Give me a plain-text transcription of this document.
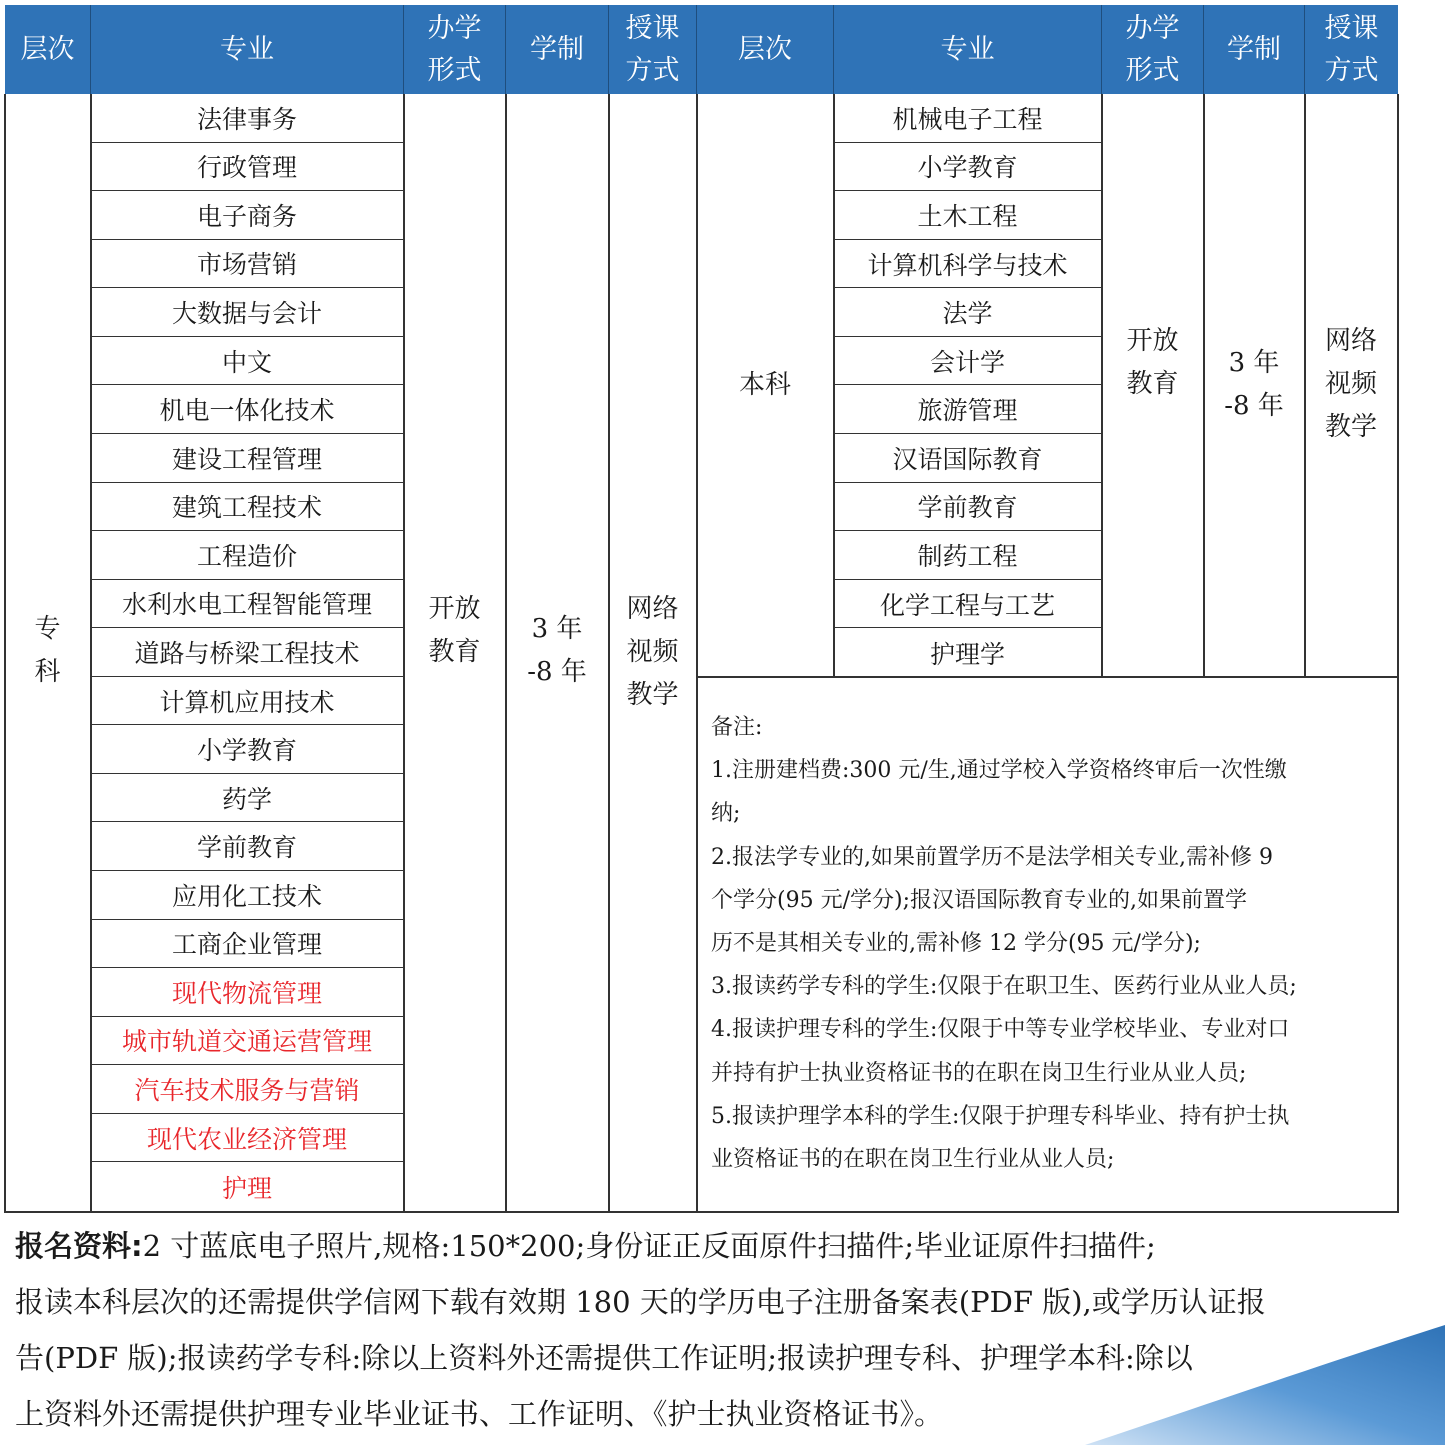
层次	专业
办学
形式
学制
授课
方式
层次	专业
办学
形式
学制
授课
方式
专
科
开放
教育
3 年
-8 年
网络
视频
教学
法律事务
行政管理
电子商务
市场营销
大数据与会计
中文
机电一体化技术
建设工程管理
建筑工程技术
工程造价
水利水电工程智能管理
道路与桥梁工程技术
计算机应用技术
小学教育
药学
学前教育
应用化工技术
工商企业管理
现代物流管理
城市轨道交通运营管理
汽车技术服务与营销
现代农业经济管理
护理
本科
开放
教育
3 年
-8 年
网络
视频
教学
机械电子工程
小学教育
土木工程
计算机科学与技术
法学
会计学
旅游管理
汉语国际教育
学前教育
制药工程
化学工程与工艺
护理学

备注:

1.注册建档费:300 元/生,通过学校入学资格终审后一次性缴

纳;

2.报法学专业的,如果前置学历不是法学相关专业,需补修 9

个学分(95 元/学分);报汉语国际教育专业的,如果前置学

历不是其相关专业的,需补修 12 学分(95 元/学分);

3.报读药学专科的学生:仅限于在职卫生、医药行业从业人员;

4.报读护理专科的学生:仅限于中等专业学校毕业、专业对口

并持有护士执业资格证书的在职在岗卫生行业从业人员;

5.报读护理学本科的学生:仅限于护理专科毕业、持有护士执

业资格证书的在职在岗卫生行业从业人员;

报名资料:2 寸蓝底电子照片,规格:150*200;身份证正反面原件扫描件;毕业证原件扫描件;
报读本科层次的还需提供学信网下载有效期 180 天的学历电子注册备案表(PDF 版),或学历认证报
告(PDF 版);报读药学专科:除以上资料外还需提供工作证明;报读护理专科、护理学本科:除以
上资料外还需提供护理专业毕业证书、工作证明、《护士执业资格证书》。
